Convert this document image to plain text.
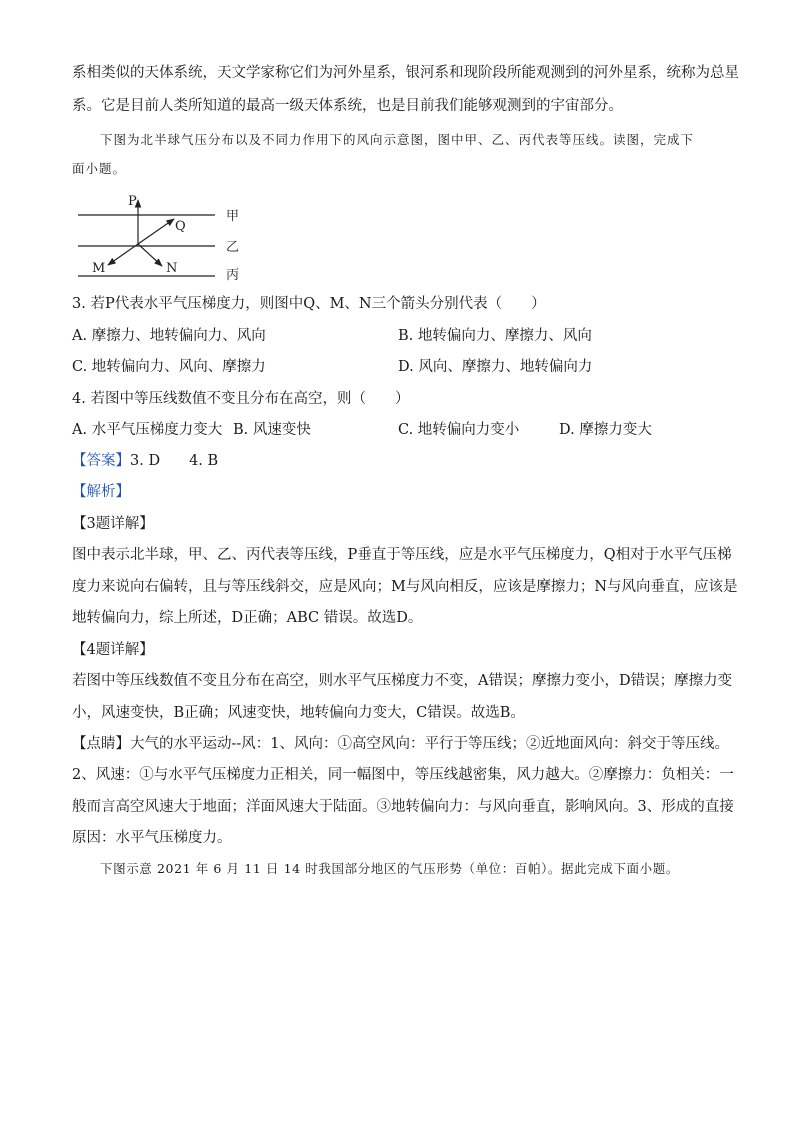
系相类似的天体系统，天文学家称它们为河外星系，银河系和现阶段所能观测到的河外星系，统称为总星
系。它是目前人类所知道的最高一级天体系统，也是目前我们能够观测到的宇宙部分。
下图为北半球气压分布以及不同力作用下的风向示意图，图中甲、乙、丙代表等压线。读图，完成下
面小题。
P
Q
M	N
甲
乙
丙
3. 若P代表水平气压梯度力，则图中Q、M、N三个箭头分别代表（　　）
A. 摩擦力、地转偏向力、风向	B. 地转偏向力、摩擦力、风向
C. 地转偏向力、风向、摩擦力	D. 风向、摩擦力、地转偏向力
4. 若图中等压线数值不变且分布在高空，则（　　）
A. 水平气压梯度力变大 B. 风速变快	C. 地转偏向力变小	D. 摩擦力变大
【答案】3. D　　4. B
【解析】
【3题详解】
图中表示北半球，甲、乙、丙代表等压线，P垂直于等压线，应是水平气压梯度力，Q相对于水平气压梯
度力来说向右偏转，且与等压线斜交，应是风向；M与风向相反，应该是摩擦力；N与风向垂直，应该是
地转偏向力，综上所述，D正确；ABC 错误。故选D。
【4题详解】
若图中等压线数值不变且分布在高空，则水平气压梯度力不变，A错误；摩擦力变小，D错误；摩擦力变
小，风速变快，B正确；风速变快，地转偏向力变大，C错误。故选B。
【点睛】大气的水平运动--风：1、风向：①高空风向：平行于等压线；②近地面风向：斜交于等压线。
2、风速：①与水平气压梯度力正相关，同一幅图中，等压线越密集，风力越大。②摩擦力：负相关：一
般而言高空风速大于地面；洋面风速大于陆面。③地转偏向力：与风向垂直，影响风向。3、形成的直接
原因：水平气压梯度力。
下图示意 2021 年 6 月 11 日 14 时我国部分地区的气压形势（单位：百帕）。据此完成下面小题。
